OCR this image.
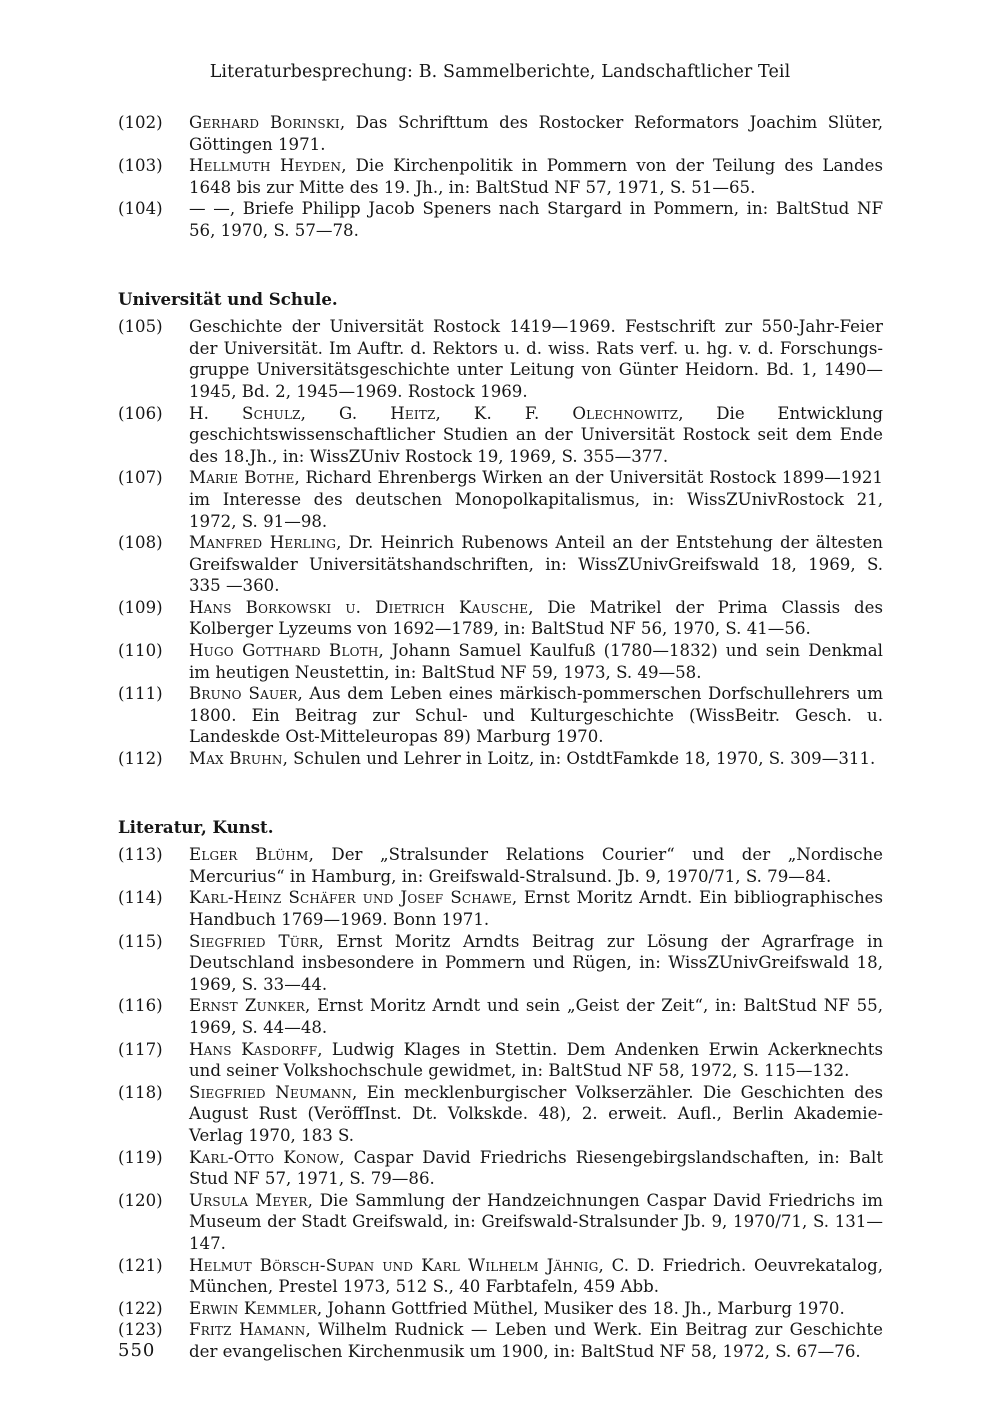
Literaturbesprechung: B. Sammelberichte, Landschaftlicher Teil

(102) Gerhard Borinski, Das Schrifttum des Rostocker Reformators Joachim Slüter, Göttingen 1971.

(103) Hellmuth Heyden, Die Kirchenpolitik in Pommern von der Teilung des Landes 1648 bis zur Mitte des 19. Jh., in: BaltStud NF 57, 1971, S. 51—65.

(104) — —, Briefe Philipp Jacob Speners nach Stargard in Pommern, in: BaltStud NF 56, 1970, S. 57—78.

Universität und Schule.

(105) Geschichte der Universität Rostock 1419—1969. Festschrift zur 550-Jahr-Feier der Universität. Im Auftr. d. Rektors u. d. wiss. Rats verf. u. hg. v. d. Forschungs-gruppe Universitätsgeschichte unter Leitung von Günter Heidorn. Bd. 1, 1490—1945, Bd. 2, 1945—1969. Rostock 1969.

(106) H. Schulz, G. Heitz, K. F. Olechnowitz, Die Entwicklung geschichtswissenschaftlicher Studien an der Universität Rostock seit dem Ende des 18.Jh., in: WissZUniv Rostock 19, 1969, S. 355—377.

(107) Marie Bothe, Richard Ehrenbergs Wirken an der Universität Rostock 1899—1921 im Interesse des deutschen Monopolkapitalismus, in: WissZUnivRostock 21, 1972, S. 91—98.

(108) Manfred Herling, Dr. Heinrich Rubenows Anteil an der Entstehung der ältesten Greifswalder Universitätshandschriften, in: WissZUnivGreifswald 18, 1969, S. 335 —360.

(109) Hans Borkowski u. Dietrich Kausche, Die Matrikel der Prima Classis des Kolberger Lyzeums von 1692—1789, in: BaltStud NF 56, 1970, S. 41—56.

(110) Hugo Gotthard Bloth, Johann Samuel Kaulfuß (1780—1832) und sein Denkmal im heutigen Neustettin, in: BaltStud NF 59, 1973, S. 49—58.

(111) Bruno Sauer, Aus dem Leben eines märkisch-pommerschen Dorfschullehrers um 1800. Ein Beitrag zur Schul- und Kulturgeschichte (WissBeitr. Gesch. u. Landeskde Ost-Mitteleuropas 89) Marburg 1970.

(112) Max Bruhn, Schulen und Lehrer in Loitz, in: OstdtFamkde 18, 1970, S. 309—311.

Literatur, Kunst.

(113) Elger Blühm, Der „Stralsunder Relations Courier“ und der „Nordische Mercurius“ in Hamburg, in: Greifswald-Stralsund. Jb. 9, 1970/71, S. 79—84.

(114) Karl-Heinz Schäfer und Josef Schawe, Ernst Moritz Arndt. Ein bibliographisches Handbuch 1769—1969. Bonn 1971.

(115) Siegfried Türr, Ernst Moritz Arndts Beitrag zur Lösung der Agrarfrage in Deutschland insbesondere in Pommern und Rügen, in: WissZUnivGreifswald 18, 1969, S. 33—44.

(116) Ernst Zunker, Ernst Moritz Arndt und sein „Geist der Zeit“, in: BaltStud NF 55, 1969, S. 44—48.

(117) Hans Kasdorff, Ludwig Klages in Stettin. Dem Andenken Erwin Ackerknechts und seiner Volkshochschule gewidmet, in: BaltStud NF 58, 1972, S. 115—132.

(118) Siegfried Neumann, Ein mecklenburgischer Volkserzähler. Die Geschichten des August Rust (VeröffInst. Dt. Volkskde. 48), 2. erweit. Aufl., Berlin Akademie-Verlag 1970, 183 S.

(119) Karl-Otto Konow, Caspar David Friedrichs Riesengebirgslandschaften, in: Balt Stud NF 57, 1971, S. 79—86.

(120) Ursula Meyer, Die Sammlung der Handzeichnungen Caspar David Friedrichs im Museum der Stadt Greifswald, in: Greifswald-Stralsunder Jb. 9, 1970/71, S. 131—147.

(121) Helmut Börsch-Supan und Karl Wilhelm Jähnig, C. D. Friedrich. Oeuvrekatalog, München, Prestel 1973, 512 S., 40 Farbtafeln, 459 Abb.

(122) Erwin Kemmler, Johann Gottfried Müthel, Musiker des 18. Jh., Marburg 1970.

(123) Fritz Hamann, Wilhelm Rudnick — Leben und Werk. Ein Beitrag zur Geschichte der evangelischen Kirchenmusik um 1900, in: BaltStud NF 58, 1972, S. 67—76.

550
